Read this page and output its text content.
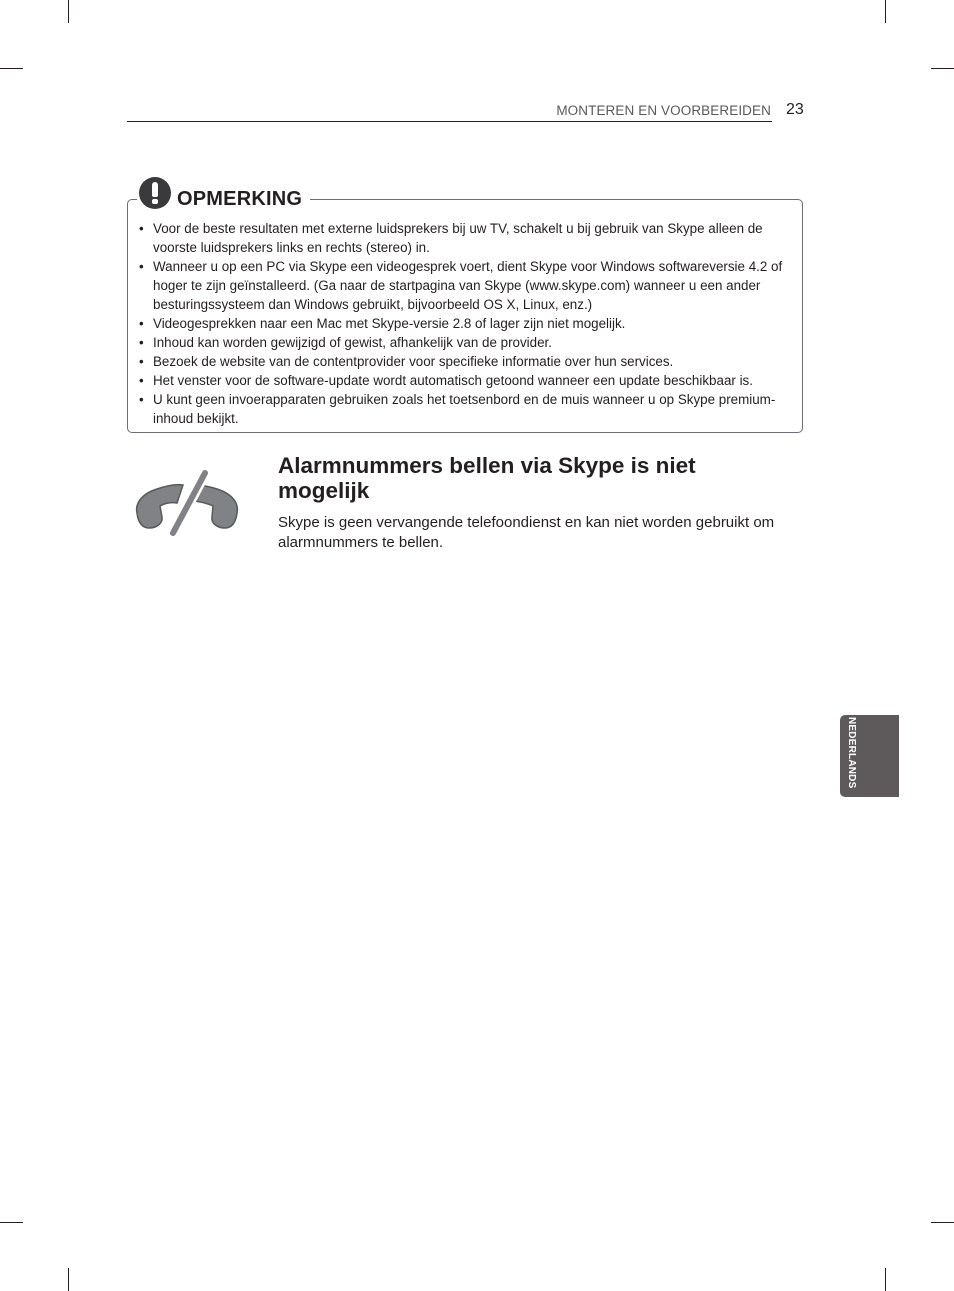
MONTEREN EN VOORBEREIDEN 23
OPMERKING
• Voor de beste resultaten met externe luidsprekers bij uw TV, schakelt u bij gebruik van Skype alleen de voorste luidsprekers links en rechts (stereo) in.
• Wanneer u op een PC via Skype een videogesprek voert, dient Skype voor Windows softwareversie 4.2 of hoger te zijn geïnstalleerd. (Ga naar de startpagina van Skype (www.skype.com) wanneer u een ander besturingssysteem dan Windows gebruikt, bijvoorbeeld OS X, Linux, enz.)
• Videogesprekken naar een Mac met Skype-versie 2.8 of lager zijn niet mogelijk.
• Inhoud kan worden gewijzigd of gewist, afhankelijk van de provider.
• Bezoek de website van de contentprovider voor specifieke informatie over hun services.
• Het venster voor de software-update wordt automatisch getoond wanneer een update beschikbaar is.
• U kunt geen invoerapparaten gebruiken zoals het toetsenbord en de muis wanneer u op Skype premium-inhoud bekijkt.
Alarmnummers bellen via Skype is niet mogelijk

Skype is geen vervangende telefoondienst en kan niet worden gebruikt om alarmnummers te bellen.

NEDERLANDS
